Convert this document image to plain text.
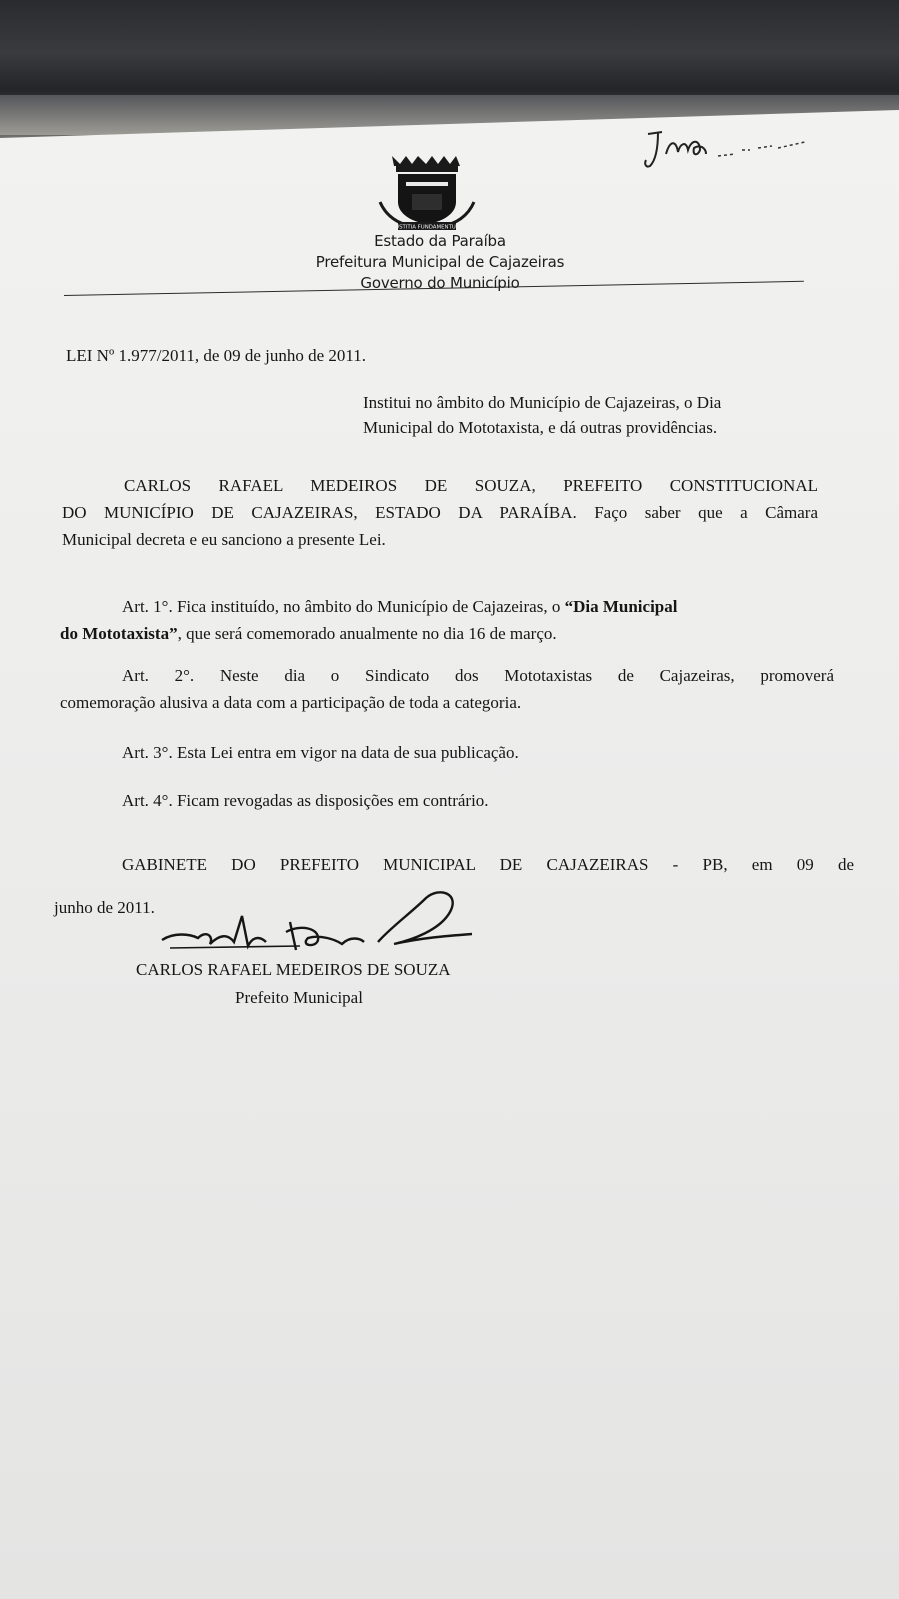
JUSTITIA FUNDAMENTUM
Estado da Paraíba
Prefeitura Municipal de Cajazeiras
Governo do Município
LEI Nº 1.977/2011, de 09 de junho de 2011.
Institui no âmbito do Município de Cajazeiras, o Dia
Municipal do Mototaxista, e dá outras providências.
CARLOS RAFAEL MEDEIROS DE SOUZA, PREFEITO CONSTITUCIONAL
DO MUNICÍPIO DE CAJAZEIRAS, ESTADO DA PARAÍBA. Faço saber que a Câmara
Municipal decreta e eu sanciono a presente Lei.
Art. 1°. Fica instituído, no âmbito do Município de Cajazeiras, o “Dia Municipal
do Mototaxista”, que será comemorado anualmente no dia 16 de março.
Art. 2°. Neste dia o Sindicato dos Mototaxistas de Cajazeiras, promoverá
comemoração alusiva a data com a participação de toda a categoria.
Art. 3°. Esta Lei entra em vigor na data de sua publicação.
Art. 4°. Ficam revogadas as disposições em contrário.
GABINETE DO PREFEITO MUNICIPAL DE CAJAZEIRAS - PB, em 09 de
junho de 2011.
CARLOS RAFAEL MEDEIROS DE SOUZA
Prefeito Municipal
